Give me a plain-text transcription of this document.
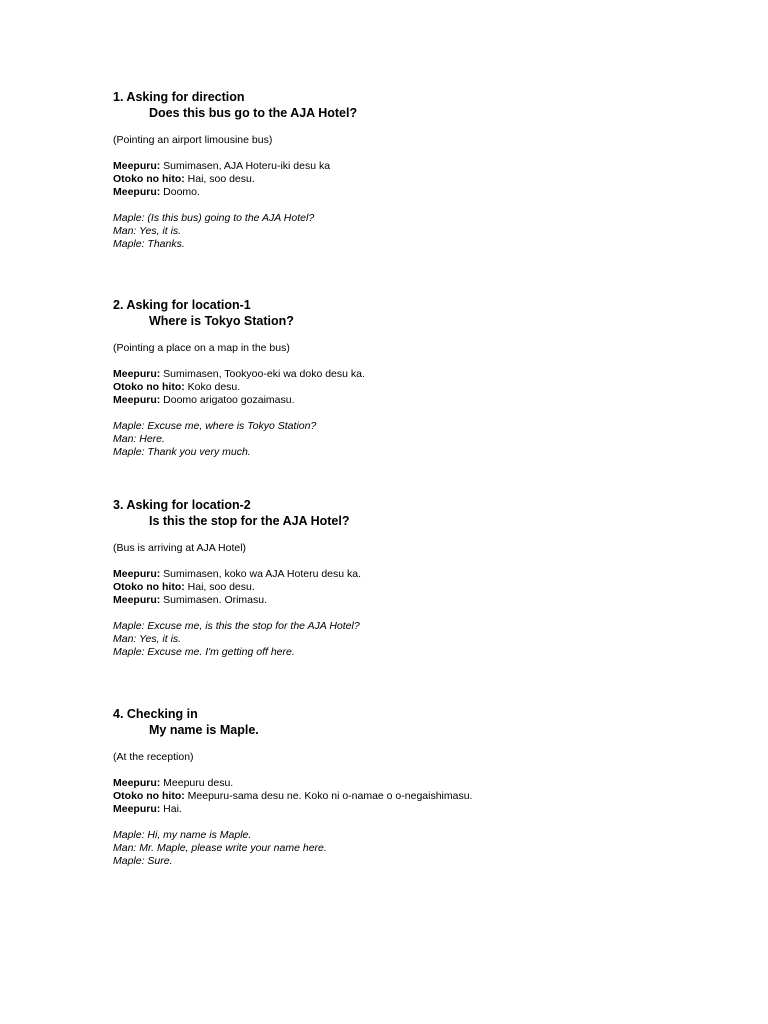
1. Asking for direction
Does this bus go to the AJA Hotel?
(Pointing an airport limousine bus)
Meepuru: Sumimasen, AJA Hoteru-iki desu ka
Otoko no hito: Hai, soo desu.
Meepuru: Doomo.
Maple: (Is this bus) going to the AJA Hotel?
Man: Yes, it is.
Maple: Thanks.
2. Asking for location-1
Where is Tokyo Station?
(Pointing a place on a map in the bus)
Meepuru: Sumimasen, Tookyoo-eki wa doko desu ka.
Otoko no hito: Koko desu.
Meepuru: Doomo arigatoo gozaimasu.
Maple: Excuse me, where is Tokyo Station?
Man: Here.
Maple: Thank you very much.
3. Asking for location-2
Is this the stop for the AJA Hotel?
(Bus is arriving at AJA Hotel)
Meepuru: Sumimasen, koko wa AJA Hoteru desu ka.
Otoko no hito: Hai, soo desu.
Meepuru: Sumimasen. Orimasu.
Maple: Excuse me, is this the stop for the AJA Hotel?
Man: Yes, it is.
Maple: Excuse me. I'm getting off here.
4. Checking in
My name is Maple.
(At the reception)
Meepuru: Meepuru desu.
Otoko no hito: Meepuru-sama desu ne. Koko ni o-namae o o-negaishimasu.
Meepuru: Hai.
Maple: Hi, my name is Maple.
Man: Mr. Maple, please write your name here.
Maple: Sure.
